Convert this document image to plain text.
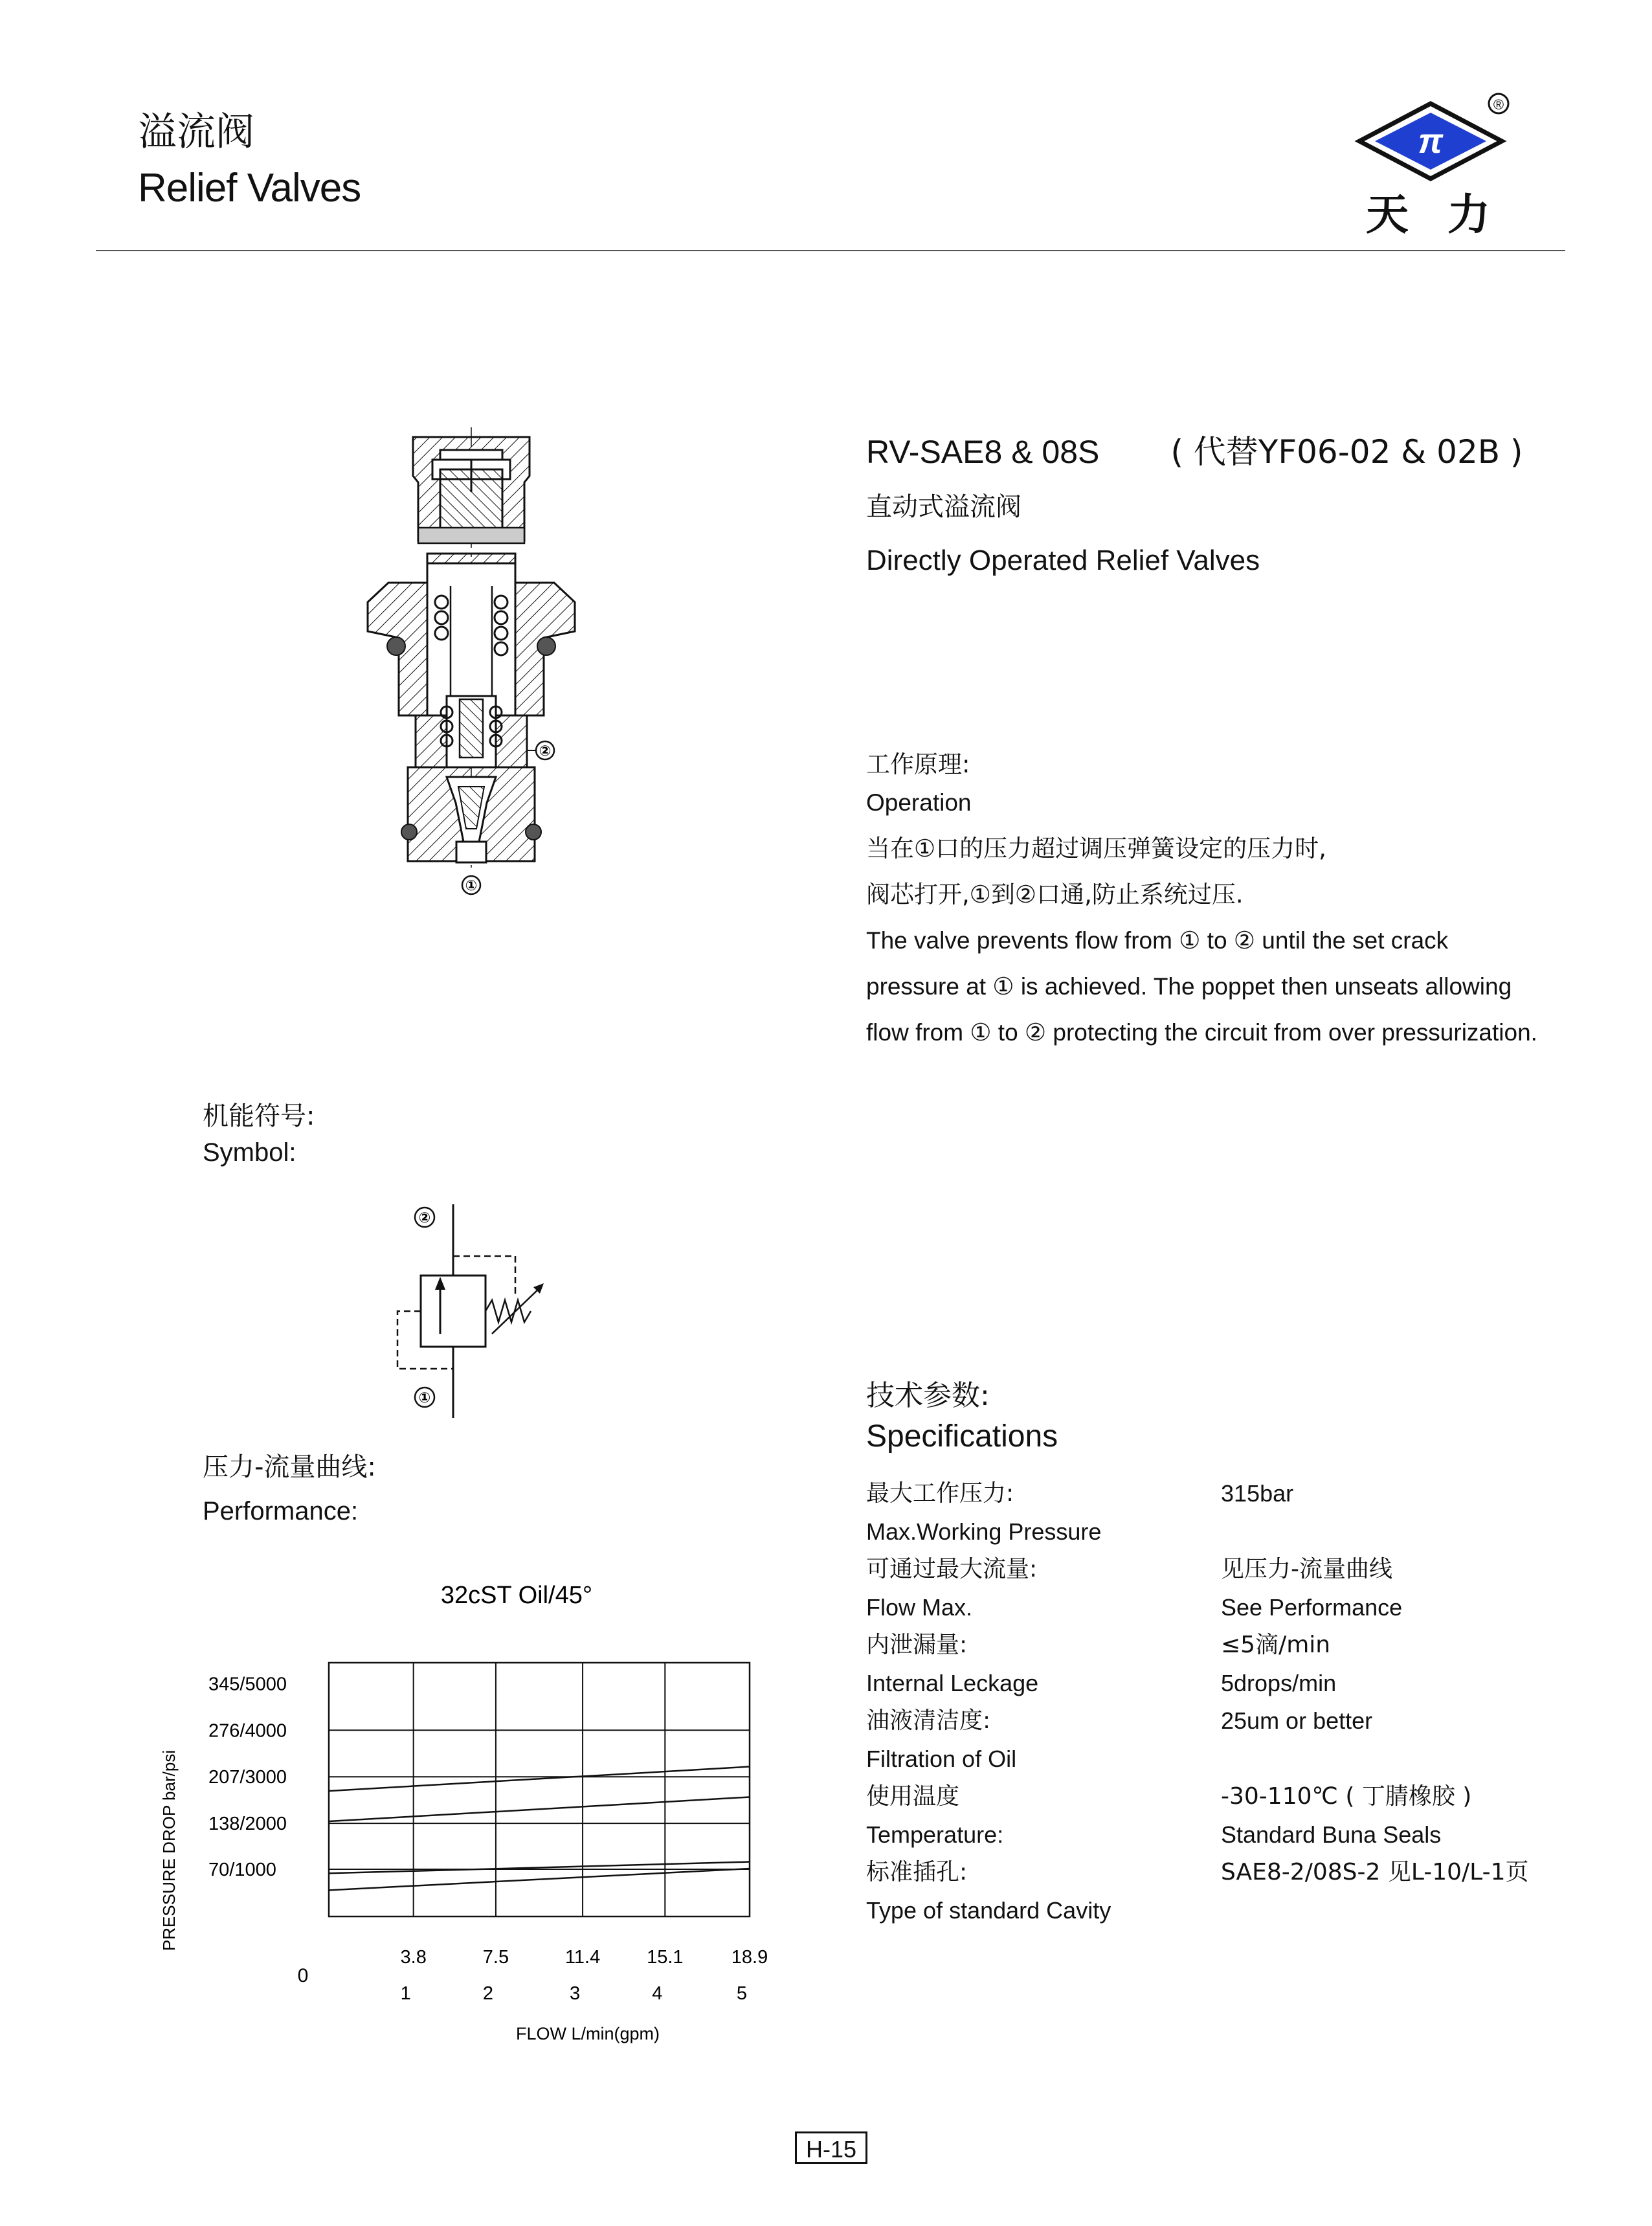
溢流阀
Relief Valves
π
®
天力
②
①
RV-SAE8 & 08S ( 代替YF06-02 & 02B )
直动式溢流阀
Directly Operated Relief Valves
工作原理:
Operation
当在①口的压力超过调压弹簧设定的压力时,
阀芯打开,①到②口通,防止系统过压.
The valve prevents flow from ① to ② until the set crack
pressure at ① is achieved. The poppet then unseats allowing
flow from ① to ② protecting the circuit from over pressurization.
机能符号:
Symbol:
②
①
压力-流量曲线:
Performance:
32cST Oil/45°
3.8
1
7.5
2
11.4
3
15.1
4
18.9
5
345/5000
276/4000
207/3000
138/2000
70/1000
PRESSURE DROP bar/psi
FLOW L/min(gpm)
0
技术参数:
Specifications
最大工作压力:	315bar
Max.Working Pressure
可通过最大流量:	见压力-流量曲线
Flow Max.	See Performance
内泄漏量:	≤5滴/min
Internal Leckage	5drops/min
油液清洁度:	25um or better
Filtration of Oil
使用温度	-30-110℃ ( 丁腈橡胶 )
Temperature:	Standard Buna Seals
标准插孔:	SAE8-2/08S-2 见L-10/L-1页
Type of standard Cavity
H-15
